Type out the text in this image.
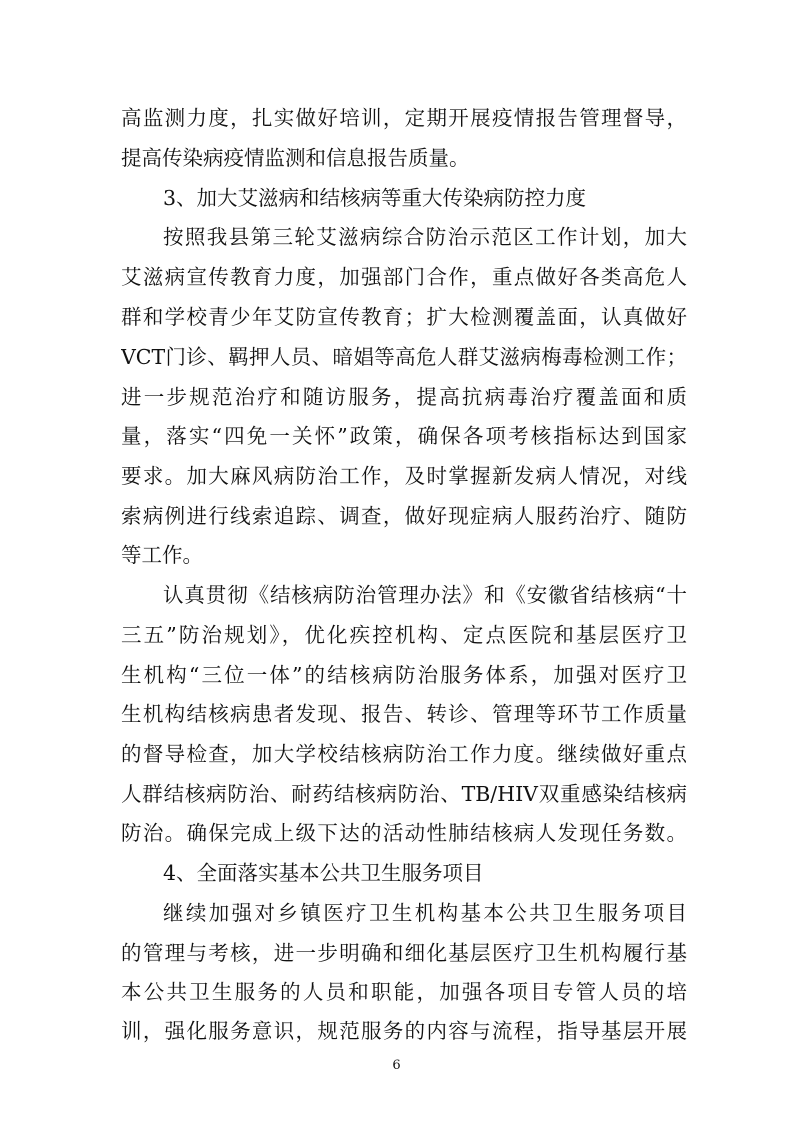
高监测力度，扎实做好培训，定期开展疫情报告管理督导，
提高传染病疫情监测和信息报告质量。
3、加大艾滋病和结核病等重大传染病防控力度
按照我县第三轮艾滋病综合防治示范区工作计划，加大
艾滋病宣传教育力度，加强部门合作，重点做好各类高危人
群和学校青少年艾防宣传教育；扩大检测覆盖面，认真做好
VCT门诊、羁押人员、暗娼等高危人群艾滋病梅毒检测工作；
进一步规范治疗和随访服务，提高抗病毒治疗覆盖面和质
量，落实“四免一关怀”政策，确保各项考核指标达到国家
要求。加大麻风病防治工作，及时掌握新发病人情况，对线
索病例进行线索追踪、调查，做好现症病人服药治疗、随防
等工作。
认真贯彻《结核病防治管理办法》和《安徽省结核病“十
三五”防治规划》，优化疾控机构、定点医院和基层医疗卫
生机构“三位一体”的结核病防治服务体系，加强对医疗卫
生机构结核病患者发现、报告、转诊、管理等环节工作质量
的督导检查，加大学校结核病防治工作力度。继续做好重点
人群结核病防治、耐药结核病防治、TB/HIV双重感染结核病
防治。确保完成上级下达的活动性肺结核病人发现任务数。
4、全面落实基本公共卫生服务项目
继续加强对乡镇医疗卫生机构基本公共卫生服务项目
的管理与考核，进一步明确和细化基层医疗卫生机构履行基
本公共卫生服务的人员和职能，加强各项目专管人员的培
训，强化服务意识，规范服务的内容与流程，指导基层开展
6
